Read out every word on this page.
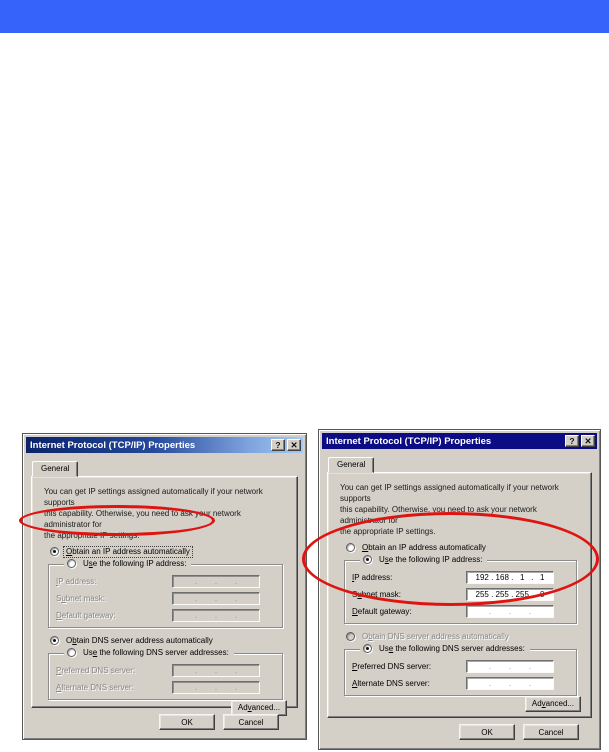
Internet Protocol (TCP/IP) Properties	?	✕
General
You can get IP settings assigned automatically if your network supports
this capability. Otherwise, you need to ask your network administrator for
the appropriate IP settings.
Obtain an IP address automatically
Use the following IP address:
IP address:	.        .        .
Subnet mask:	.        .        .
Default gateway:	.        .        .
Obtain DNS server address automatically
Use the following DNS server addresses:
Preferred DNS server:	.        .        .
Alternate DNS server:	.        .        .
Advanced...
OK	Cancel
Internet Protocol (TCP/IP) Properties	?	✕
General
You can get IP settings assigned automatically if your network supports
this capability. Otherwise, you need to ask your network administrator for
the appropriate IP settings.
Obtain an IP address automatically
Use the following IP address:
IP address:	192 . 168 .   1   .   1
Subnet mask:	255 . 255 . 255 .   0
Default gateway:	.        .        .
Obtain DNS server address automatically
Use the following DNS server addresses:
Preferred DNS server:	.        .        .
Alternate DNS server:	.        .        .
Advanced...
OK	Cancel
